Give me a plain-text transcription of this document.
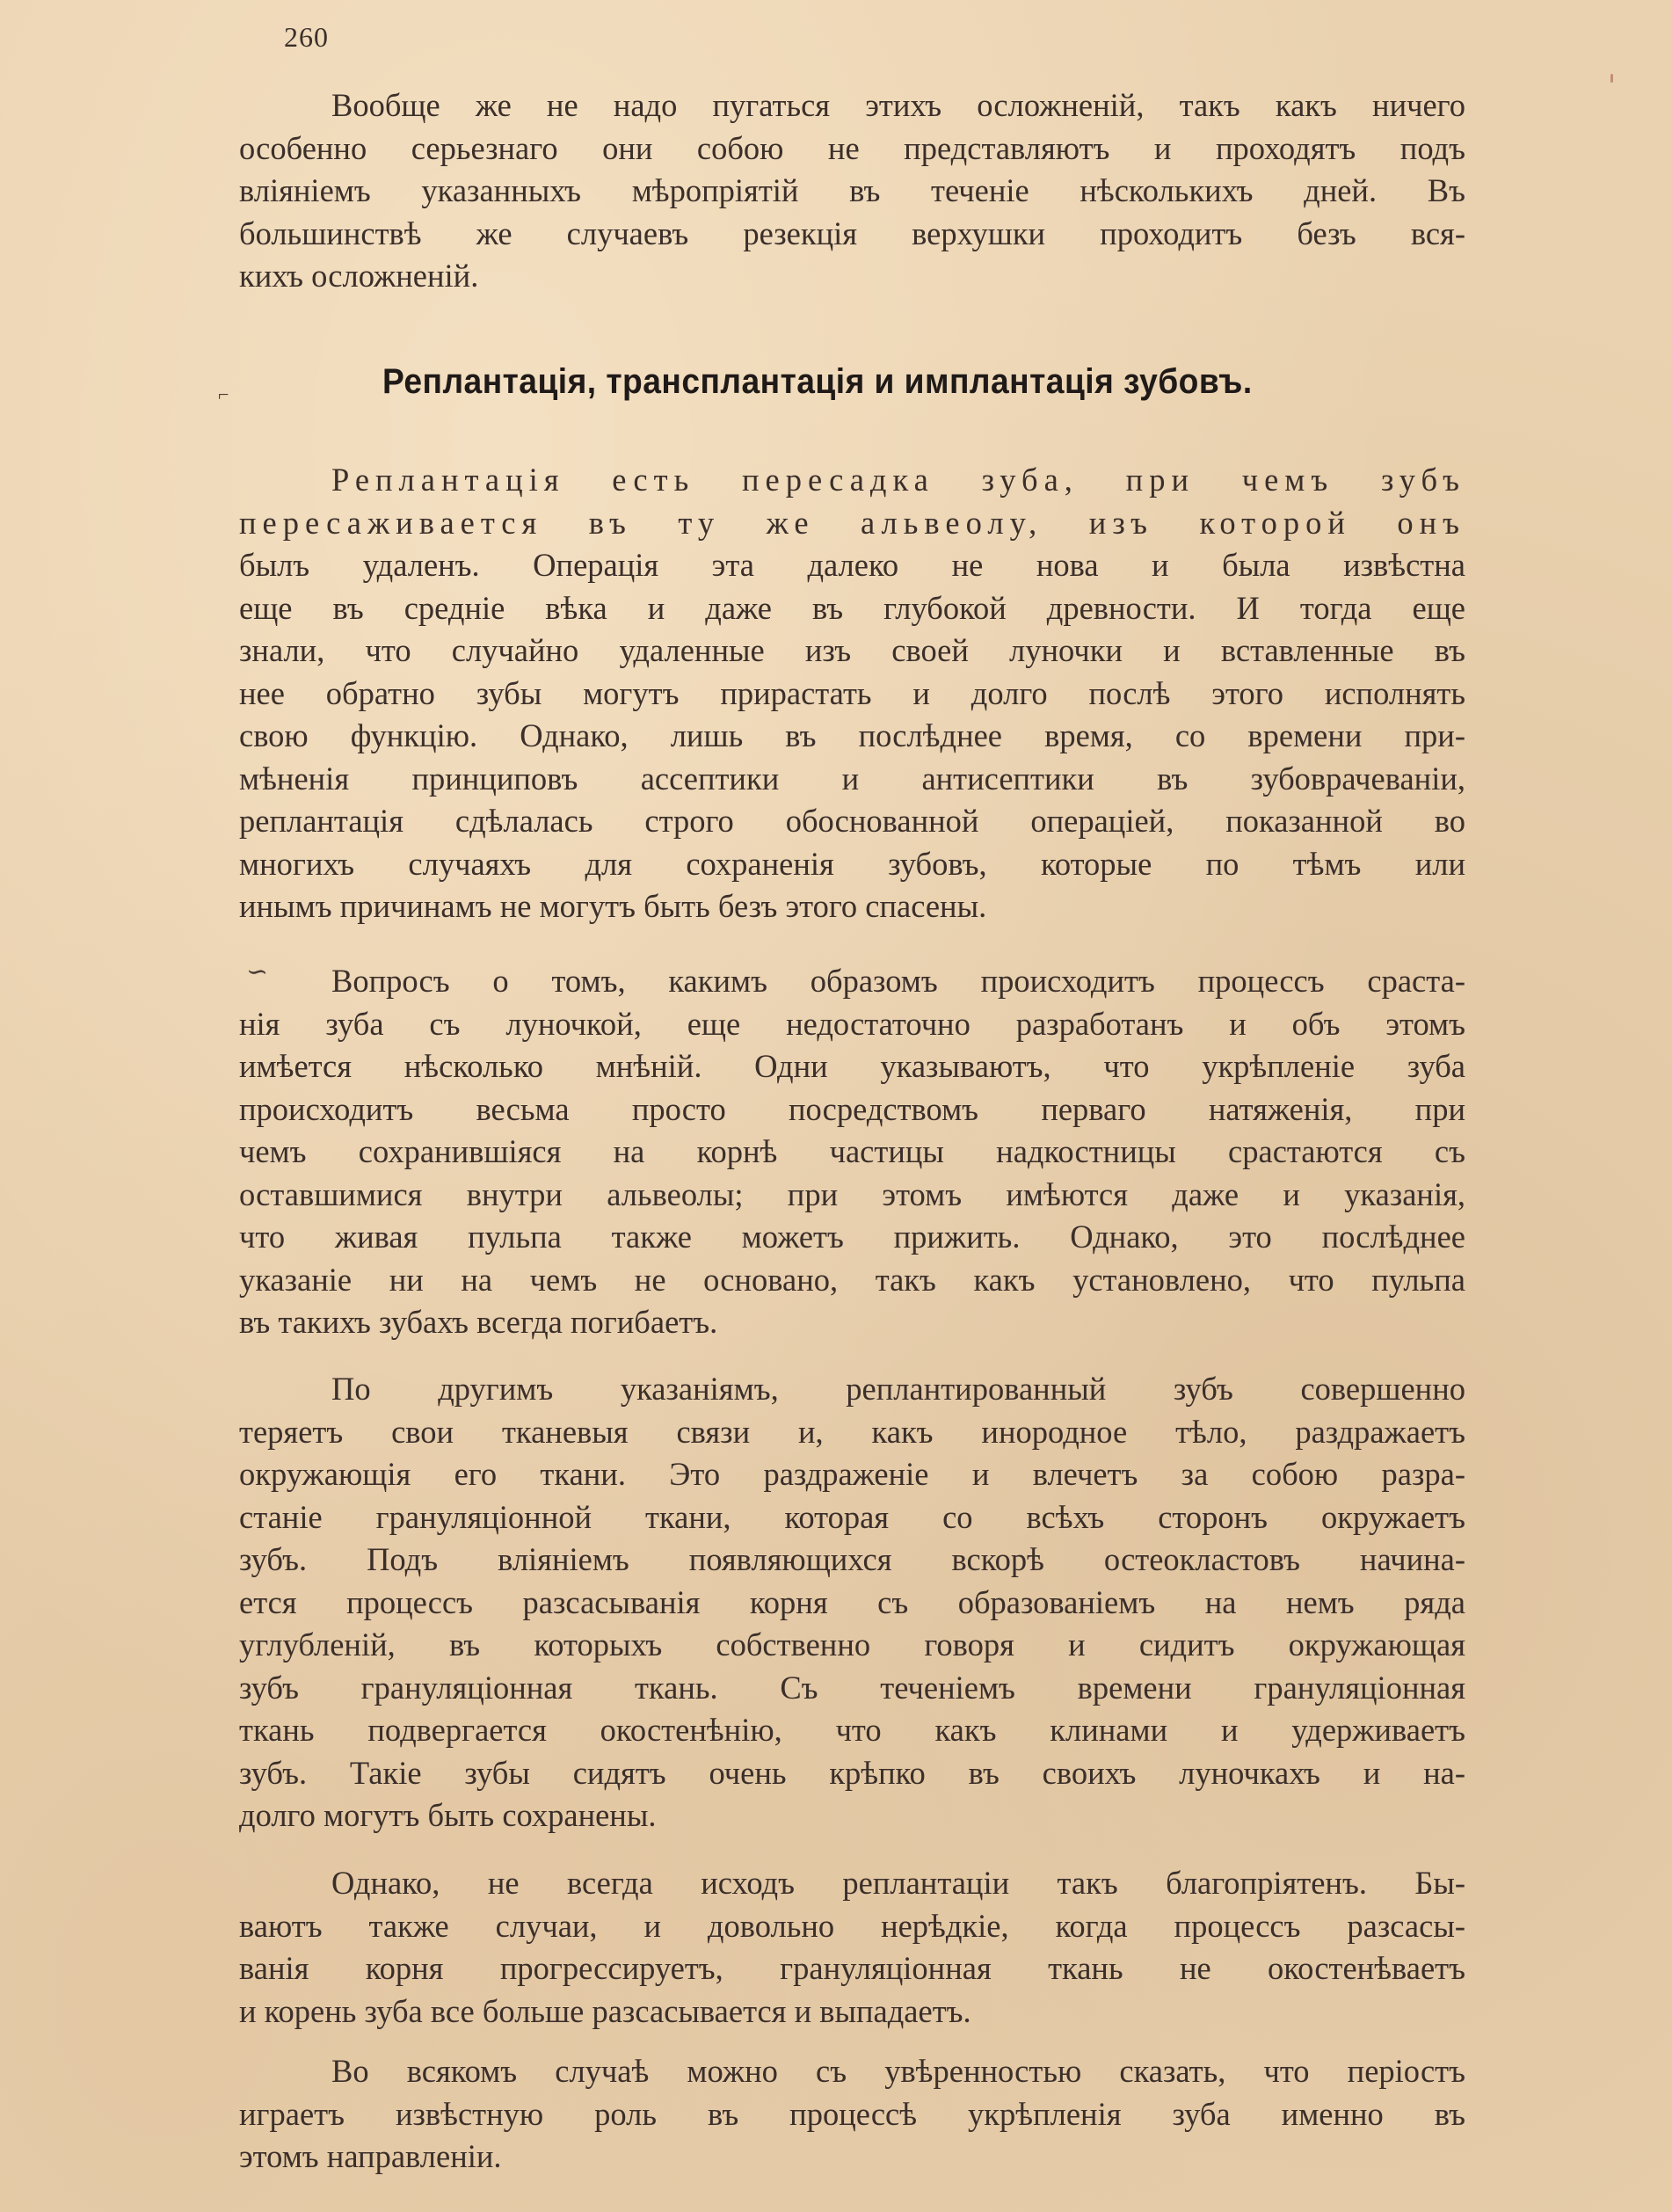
260
Вообще же не надо пугаться этихъ осложненій, такъ какъ ничего
особенно серьезнаго они собою не представляютъ и проходятъ подъ
вліяніемъ указанныхъ мѣропріятій въ теченіе нѣсколькихъ дней. Въ
большинствѣ же случаевъ резекція верхушки проходитъ безъ вся-
кихъ осложненій.
Реплантація, трансплантація и имплантація зубовъ.
Реплантація есть пересадка зуба, при чемъ зубъ
пересаживается въ ту же альвеолу, изъ которой онъ
былъ удаленъ. Операція эта далеко не нова и была извѣстна
еще въ средніе вѣка и даже въ глубокой древности. И тогда еще
знали, что случайно удаленные изъ своей луночки и вставленные въ
нее обратно зубы могутъ прирастать и долго послѣ этого исполнять
свою функцію. Однако, лишь въ послѣднее время, со времени при-
мѣненія принциповъ ассептики и антисептики въ зубоврачеваніи,
реплантація сдѣлалась строго обоснованной операціей, показанной во
многихъ случаяхъ для сохраненія зубовъ, которые по тѣмъ или
инымъ причинамъ не могутъ быть безъ этого спасены.
Вопросъ о томъ, какимъ образомъ происходитъ процессъ сраста-
нія зуба съ луночкой, еще недостаточно разработанъ и объ этомъ
имѣется нѣсколько мнѣній. Одни указываютъ, что укрѣпленіе зуба
происходитъ весьма просто посредствомъ перваго натяженія, при
чемъ сохранившіяся на корнѣ частицы надкостницы срастаются съ
оставшимися внутри альвеолы; при этомъ имѣются даже и указанія,
что живая пульпа также можетъ прижить. Однако, это послѣднее
указаніе ни на чемъ не основано, такъ какъ установлено, что пульпа
въ такихъ зубахъ всегда погибаетъ.
По другимъ указаніямъ, реплантированный зубъ совершенно
теряетъ свои тканевыя связи и, какъ инородное тѣло, раздражаетъ
окружающія его ткани. Это раздраженіе и влечетъ за собою разра-
станіе грануляціонной ткани, которая со всѣхъ сторонъ окружаетъ
зубъ. Подъ вліяніемъ появляющихся вскорѣ остеокластовъ начина-
ется процессъ разсасыванія корня съ образованіемъ на немъ ряда
углубленій, въ которыхъ собственно говоря и сидитъ окружающая
зубъ грануляціонная ткань. Съ теченіемъ времени грануляціонная
ткань подвергается окостенѣнію, что какъ клинами и удерживаетъ
зубъ. Такіе зубы сидятъ очень крѣпко въ своихъ луночкахъ и на-
долго могутъ быть сохранены.
Однако, не всегда исходъ реплантаціи такъ благопріятенъ. Бы-
ваютъ также случаи, и довольно нерѣдкіе, когда процессъ разсасы-
ванія корня прогрессируетъ, грануляціонная ткань не окостенѣваетъ
и корень зуба все больше разсасывается и выпадаетъ.
Во всякомъ случаѣ можно съ увѣренностью сказать, что періостъ
играетъ извѣстную роль въ процессѣ укрѣпленія зуба именно въ
этомъ направленіи.
∽
⌐
